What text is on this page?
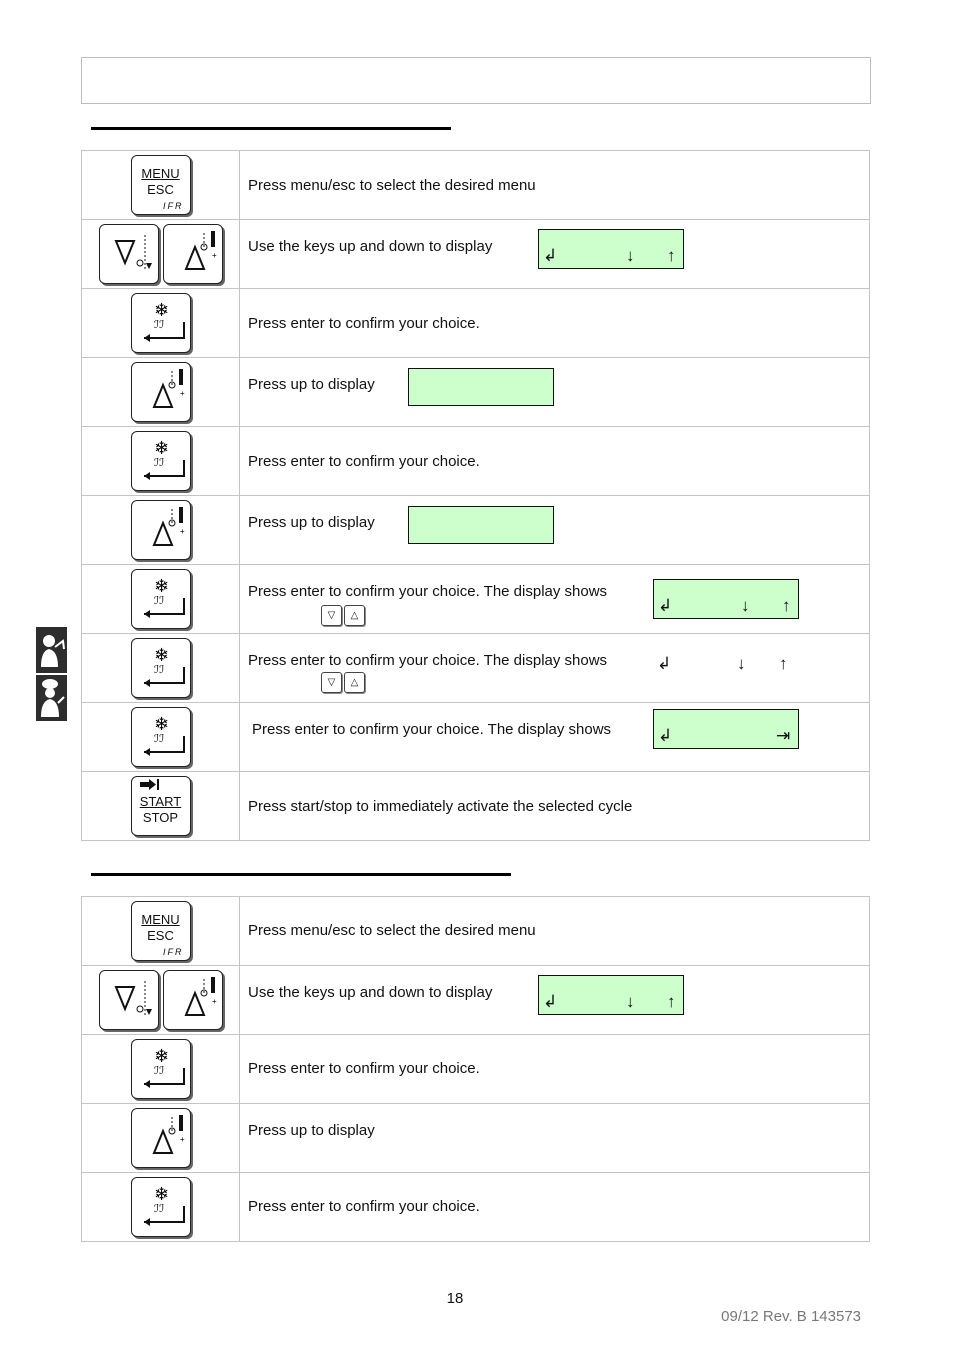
MENU
ESC
IFR	Press menu/esc to select the desired menu

+	Use the keys up and down to display ↲ ↓ ↑

❄
ℐℐ	Press enter to confirm your choice.

+	Press up to display

❄
ℐℐ	Press enter to confirm your choice.

+	Press up to display

❄
ℐℐ	Press enter to confirm your choice. The display shows
▽ △
↲ ↓ ↑

❄
ℐℐ	Press enter to confirm your choice. The display shows
▽ △
↲ ↓ ↑

❄
ℐℐ	Press enter to confirm your choice. The display shows ↲ ⇥

START
STOP	Press start/stop to immediately activate the selected cycle
MENU
ESC
IFR	Press menu/esc to select the desired menu

+	Use the keys up and down to display ↲ ↓ ↑

❄
ℐℐ	Press enter to confirm your choice.

+	Press up to display

❄
ℐℐ	Press enter to confirm your choice.
18
09/12 Rev. B 143573
